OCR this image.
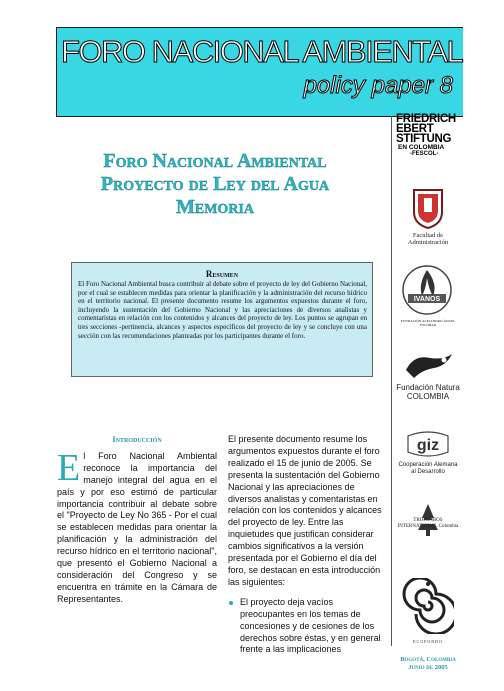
FORO NACIONAL AMBIENTAL
policy paper 8
FRIEDRICH
EBERT
STIFTUNG
EN COLOMBIA
-FESCOL-
Facultad de Administración
IVANOS
FUNDACIÓN ALEJANDRO ÁNGEL ESCOBAR
Fundación Natura COLOMBIA
giz
Cooperación Alemana al Desarrollo
TROPENBOS INTERNATIONAL Colombia
ECOFONDO
Bogotá, Colombia
Junio de 2005
Foro Nacional Ambiental
Proyecto de Ley del Agua
Memoria
Resumen
El Foro Nacional Ambiental busca contribuir al debate sobre el proyecto de ley del Gobierno Nacional, por el cual se establecen medidas para orientar la planificación y la administración del recurso hídrico en el territorio nacional. El presente documento resume los argumentos expuestos durante el foro, incluyendo la sustentación del Gobierno Nacional y las apreciaciones de diversos analistas y comentaristas en relación con los contenidos y alcances del proyecto de ley. Los puntos se agrupan en tres secciones -pertinencia, alcances y aspectos específicos del proyecto de ley y se concluye con una sección con las recomendaciones planteadas por los participantes durante el foro.
Introducción
El Foro Nacional Ambiental reconoce la importancia del manejo integral del agua en el país y por eso estimó de particular importancia contribuir al debate sobre el "Proyecto de Ley No 365 - Por el cual se establecen medidas para orientar la planificación y la administración del recurso hídrico en el territorio nacional", que presentó el Gobierno Nacional a consideración del Congreso y se encuentra en trámite en la Cámara de Representantes.
El presente documento resume los argumentos expuestos durante el foro realizado el 15 de junio de 2005. Se presenta la sustentación del Gobierno Nacional y las apreciaciones de diversos analistas y comentaristas en relación con los contenidos y alcances del proyecto de ley. Entre las inquietudes que justifican considerar cambios significativos a la versión presentada por el Gobierno el día del foro, se destacan en esta introducción las siguientes:
El proyecto deja vacíos preocupantes en los temas de concesiones y de cesiones de los derechos sobre éstas, y en general frente a las implicaciones
